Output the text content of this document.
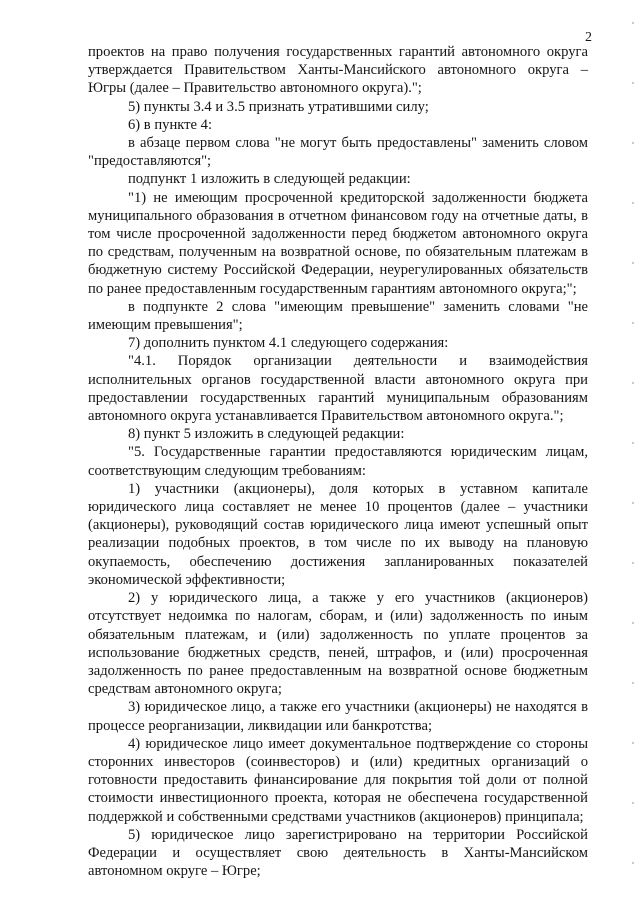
2

проектов на право получения государственных гарантий автономного округа утверждается Правительством Ханты-Мансийского автономного округа – Югры (далее – Правительство автономного округа).";

5) пункты 3.4 и 3.5 признать утратившими силу;

6) в пункте 4:

в абзаце первом слова "не могут быть предоставлены" заменить словом "предоставляются";

подпункт 1 изложить в следующей редакции:

"1) не имеющим просроченной кредиторской задолженности бюджета муниципального образования в отчетном финансовом году на отчетные даты, в том числе просроченной задолженности перед бюджетом автономного округа по средствам, полученным на возвратной основе, по обязательным платежам в бюджетную систему Российской Федерации, неурегулированных обязательств по ранее предоставленным государственным гарантиям автономного округа;";

в подпункте 2 слова "имеющим превышение" заменить словами "не имеющим превышения";

7) дополнить пунктом 4.1 следующего содержания:

"4.1. Порядок организации деятельности и взаимодействия исполнительных органов государственной власти автономного округа при предоставлении государственных гарантий муниципальным образованиям автономного округа устанавливается Правительством автономного округа.";

8) пункт 5 изложить в следующей редакции:

"5. Государственные гарантии предоставляются юридическим лицам, соответствующим следующим требованиям:

1) участники (акционеры), доля которых в уставном капитале юридического лица составляет не менее 10 процентов (далее – участники (акционеры), руководящий состав юридического лица имеют успешный опыт реализации подобных проектов, в том числе по их выводу на плановую окупаемость, обеспечению достижения запланированных показателей экономической эффективности;

2) у юридического лица, а также у его участников (акционеров) отсутствует недоимка по налогам, сборам, и (или) задолженность по иным обязательным платежам, и (или) задолженность по уплате процентов за использование бюджетных средств, пеней, штрафов, и (или) просроченная задолженность по ранее предоставленным на возвратной основе бюджетным средствам автономного округа;

3) юридическое лицо, а также его участники (акционеры) не находятся в процессе реорганизации, ликвидации или банкротства;

4) юридическое лицо имеет документальное подтверждение со стороны сторонних инвесторов (соинвесторов) и (или) кредитных организаций о готовности предоставить финансирование для покрытия той доли от полной стоимости инвестиционного проекта, которая не обеспечена государственной поддержкой и собственными средствами участников (акционеров) принципала;

5) юридическое лицо зарегистрировано на территории Российской Федерации и осуществляет свою деятельность в Ханты-Мансийском автономном округе – Югре;
